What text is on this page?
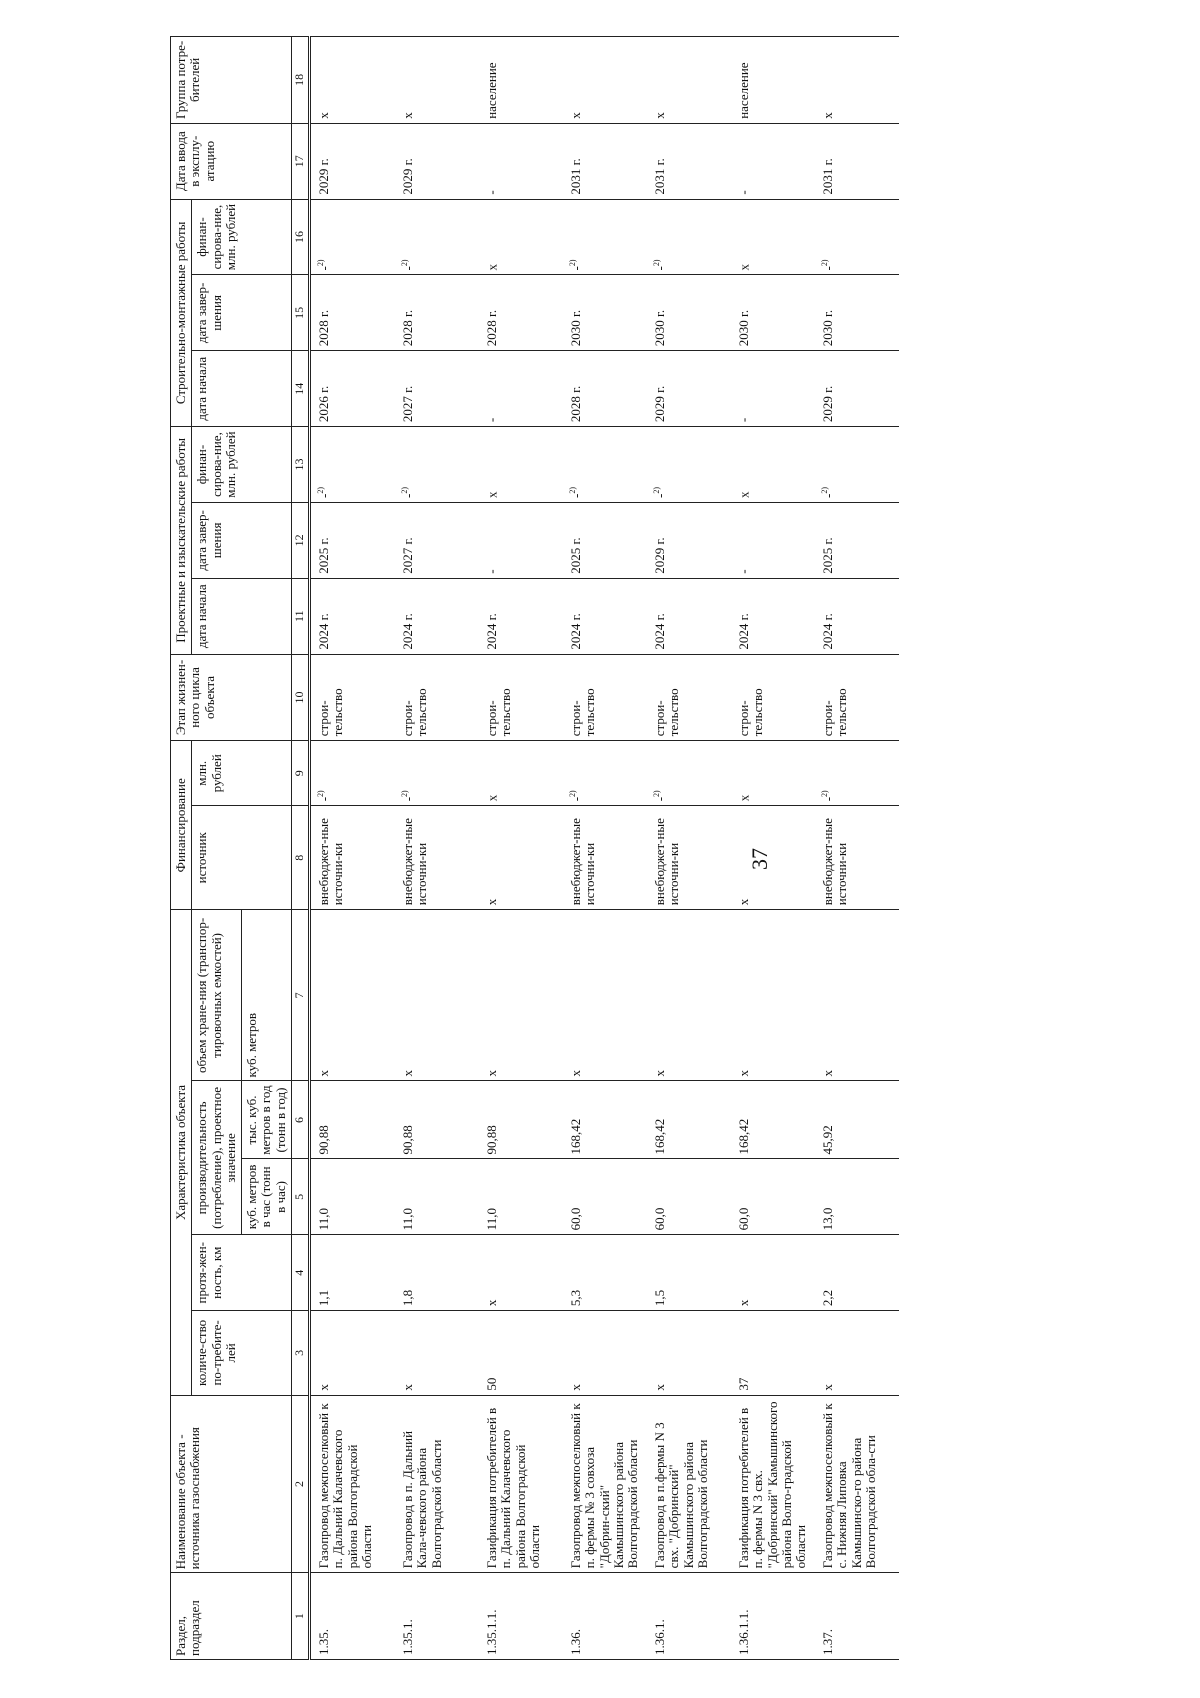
37
Раздел, подраздел	Наименование объекта - источника газоснабжения	Характеристика объекта					Финансирование		Этап жизнен-ного цикла объекта	Проектные и изыскательские работы			Строительно-монтажные работы			Дата ввода в эксплу-атацию	Группа потре-бителей
		количе-ство по-требите-лей	протя-жен-ность, км	производительность (потребление), проектное значение		объем хране-ния (транспор-тировочных емкостей)	источник	млн. рублей		дата начала	дата завер-шения	финан-сирова-ние, млн. рублей	дата начала	дата завер-шения	финан-сирова-ние, млн. рублей		
				куб. метров в час (тонн в час)	тыс. куб. метров в год (тонн в год)	куб. метров											
1	2	3	4	5	6	7	8	9	10	11	12	13	14	15	16	17	18
1.35.	Газопровод межпоселковый к п. Дальний Калачевского района Волгоградской области	х	1,1	11,0	90,88	х	внебюджет-ные источни-ки	-$^{2)}$	строи-тельство	2024 г.	2025 г.	-$^{2)}$	2026 г.	2028 г.	-$^{2)}$	2029 г.	х
1.35.1.	Газопровод в п. Дальний Кала-чевского района Волгоградской области	х	1,8	11,0	90,88	х	внебюджет-ные источни-ки	-$^{2)}$	строи-тельство	2024 г.	2027 г.	-$^{2)}$	2027 г.	2028 г.	-$^{2)}$	2029 г.	х
1.35.1.1.	Газификация потребителей в п. Дальний Калачевского района Волгоградской области	50	х	11,0	90,88	х	х	х	строи-тельство	2024 г.	-	х	-	2028 г.	х	-	население
1.36.	Газопровод межпоселковый к п. фермы № 3 совхоза "Добрин-ский" Камышинского района Волгоградской области	х	5,3	60,0	168,42	х	внебюджет-ные источни-ки	-$^{2)}$	строи-тельство	2024 г.	2025 г.	-$^{2)}$	2028 г.	2030 г.	-$^{2)}$	2031 г.	х
1.36.1.	Газопровод в п.фермы N 3 свх. "Добринский" Камышинского района Волгоградской области	х	1,5	60,0	168,42	х	внебюджет-ные источни-ки	-$^{2)}$	строи-тельство	2024 г.	2029 г.	-$^{2)}$	2029 г.	2030 г.	-$^{2)}$	2031 г.	х
1.36.1.1.	Газификация потребителей в п. фермы N 3 свх. "Добринский" Камышинского района Волго-градской области	37	х	60,0	168,42	х	х	х	строи-тельство	2024 г.	-	х	-	2030 г.	х	-	население
1.37.	Газопровод межпоселковый к с. Нижняя Липовка Камышинско-го района Волгоградской обла-сти	х	2,2	13,0	45,92	х	внебюджет-ные источни-ки	-$^{2)}$	строи-тельство	2024 г.	2025 г.	-$^{2)}$	2029 г.	2030 г.	-$^{2)}$	2031 г.	х
